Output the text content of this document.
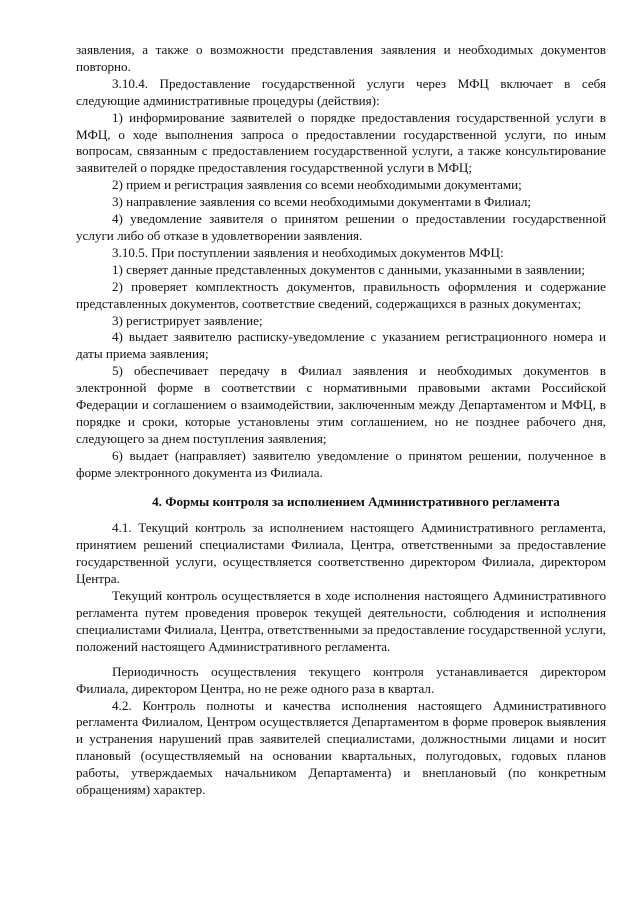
заявления, а также о возможности представления заявления и необходимых документов повторно.

3.10.4. Предоставление государственной услуги через МФЦ включает в себя следующие административные процедуры (действия):

1) информирование заявителей о порядке предоставления государственной услуги в МФЦ, о ходе выполнения запроса о предоставлении государственной услуги, по иным вопросам, связанным с предоставлением государственной услуги, а также консультирование заявителей о порядке предоставления государственной услуги в МФЦ;

2) прием и регистрация заявления со всеми необходимыми документами;

3) направление заявления со всеми необходимыми документами в Филиал;

4) уведомление заявителя о принятом решении о предоставлении государственной услуги либо об отказе в удовлетворении заявления.

3.10.5. При поступлении заявления и необходимых документов МФЦ:

1) сверяет данные представленных документов с данными, указанными в заявлении;

2) проверяет комплектность документов, правильность оформления и содержание представленных документов, соответствие сведений, содержащихся в разных документах;

3) регистрирует заявление;

4) выдает заявителю расписку-уведомление с указанием регистрационного номера и даты приема заявления;

5) обеспечивает передачу в Филиал заявления и необходимых документов в электронной форме в соответствии с нормативными правовыми актами Российской Федерации и соглашением о взаимодействии, заключенным между Департаментом и МФЦ, в порядке и сроки, которые установлены этим соглашением, но не позднее рабочего дня, следующего за днем поступления заявления;

6) выдает (направляет) заявителю уведомление о принятом решении, полученное в форме электронного документа из Филиала.

4. Формы контроля за исполнением Административного регламента

4.1. Текущий контроль за исполнением настоящего Административного регламента, принятием решений специалистами Филиала, Центра, ответственными за предоставление государственной услуги, осуществляется соответственно директором Филиала, директором Центра.

Текущий контроль осуществляется в ходе исполнения настоящего Административного регламента путем проведения проверок текущей деятельности, соблюдения и исполнения специалистами Филиала, Центра, ответственными за предоставление государственной услуги, положений настоящего Административного регламента.

Периодичность осуществления текущего контроля устанавливается директором Филиала, директором Центра, но не реже одного раза в квартал.

4.2. Контроль полноты и качества исполнения настоящего Административного регламента Филиалом, Центром осуществляется Департаментом в форме проверок выявления и устранения нарушений прав заявителей специалистами, должностными лицами и носит плановый (осуществляемый на основании квартальных, полугодовых, годовых планов работы, утверждаемых начальником Департамента) и внеплановый (по конкретным обращениям) характер.
